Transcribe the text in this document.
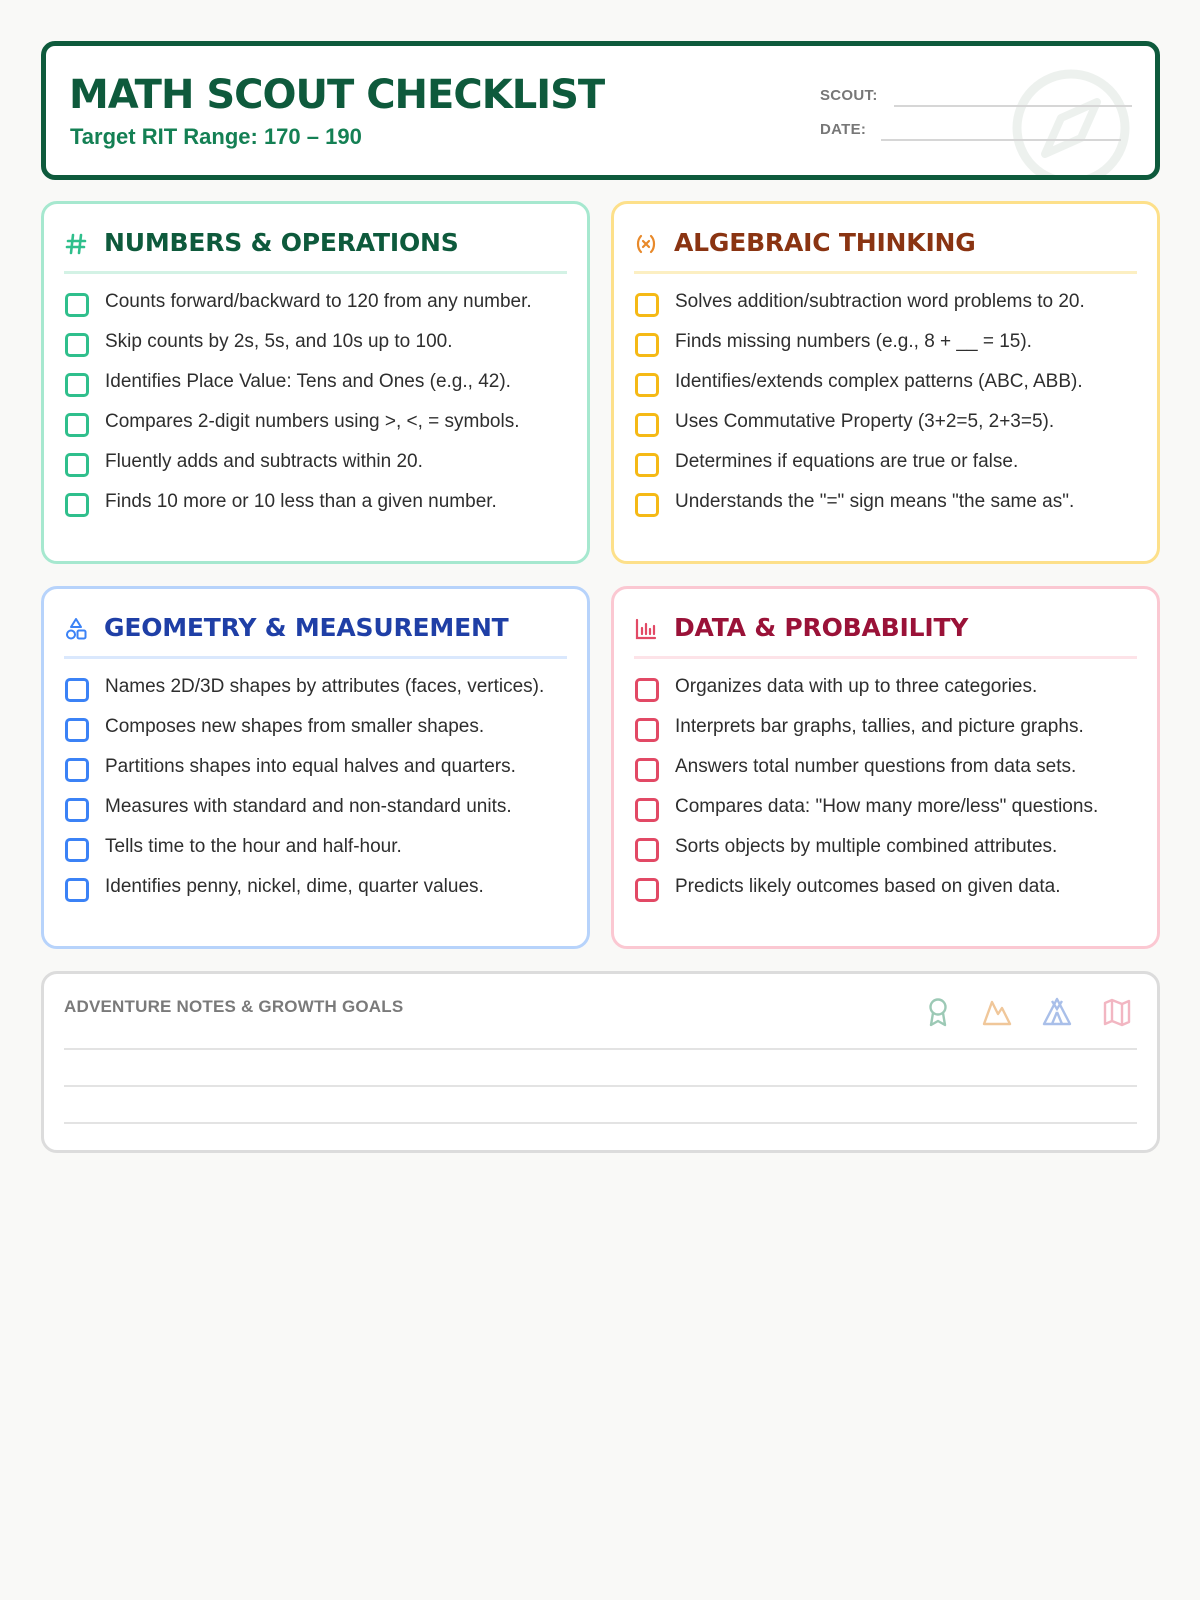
MATH SCOUT CHECKLIST
Target RIT Range: 170 – 190
SCOUT:
DATE:
NUMBERS & OPERATIONS
Counts forward/backward to 120 from any number.
Skip counts by 2s, 5s, and 10s up to 100.
Identifies Place Value: Tens and Ones (e.g., 42).
Compares 2-digit numbers using >, <, = symbols.
Fluently adds and subtracts within 20.
Finds 10 more or 10 less than a given number.
ALGEBRAIC THINKING
Solves addition/subtraction word problems to 20.
Finds missing numbers (e.g., 8 + __ = 15).
Identifies/extends complex patterns (ABC, ABB).
Uses Commutative Property (3+2=5, 2+3=5).
Determines if equations are true or false.
Understands the "=" sign means "the same as".
GEOMETRY & MEASUREMENT
Names 2D/3D shapes by attributes (faces, vertices).
Composes new shapes from smaller shapes.
Partitions shapes into equal halves and quarters.
Measures with standard and non-standard units.
Tells time to the hour and half-hour.
Identifies penny, nickel, dime, quarter values.
DATA & PROBABILITY
Organizes data with up to three categories.
Interprets bar graphs, tallies, and picture graphs.
Answers total number questions from data sets.
Compares data: "How many more/less" questions.
Sorts objects by multiple combined attributes.
Predicts likely outcomes based on given data.
ADVENTURE NOTES & GROWTH GOALS
